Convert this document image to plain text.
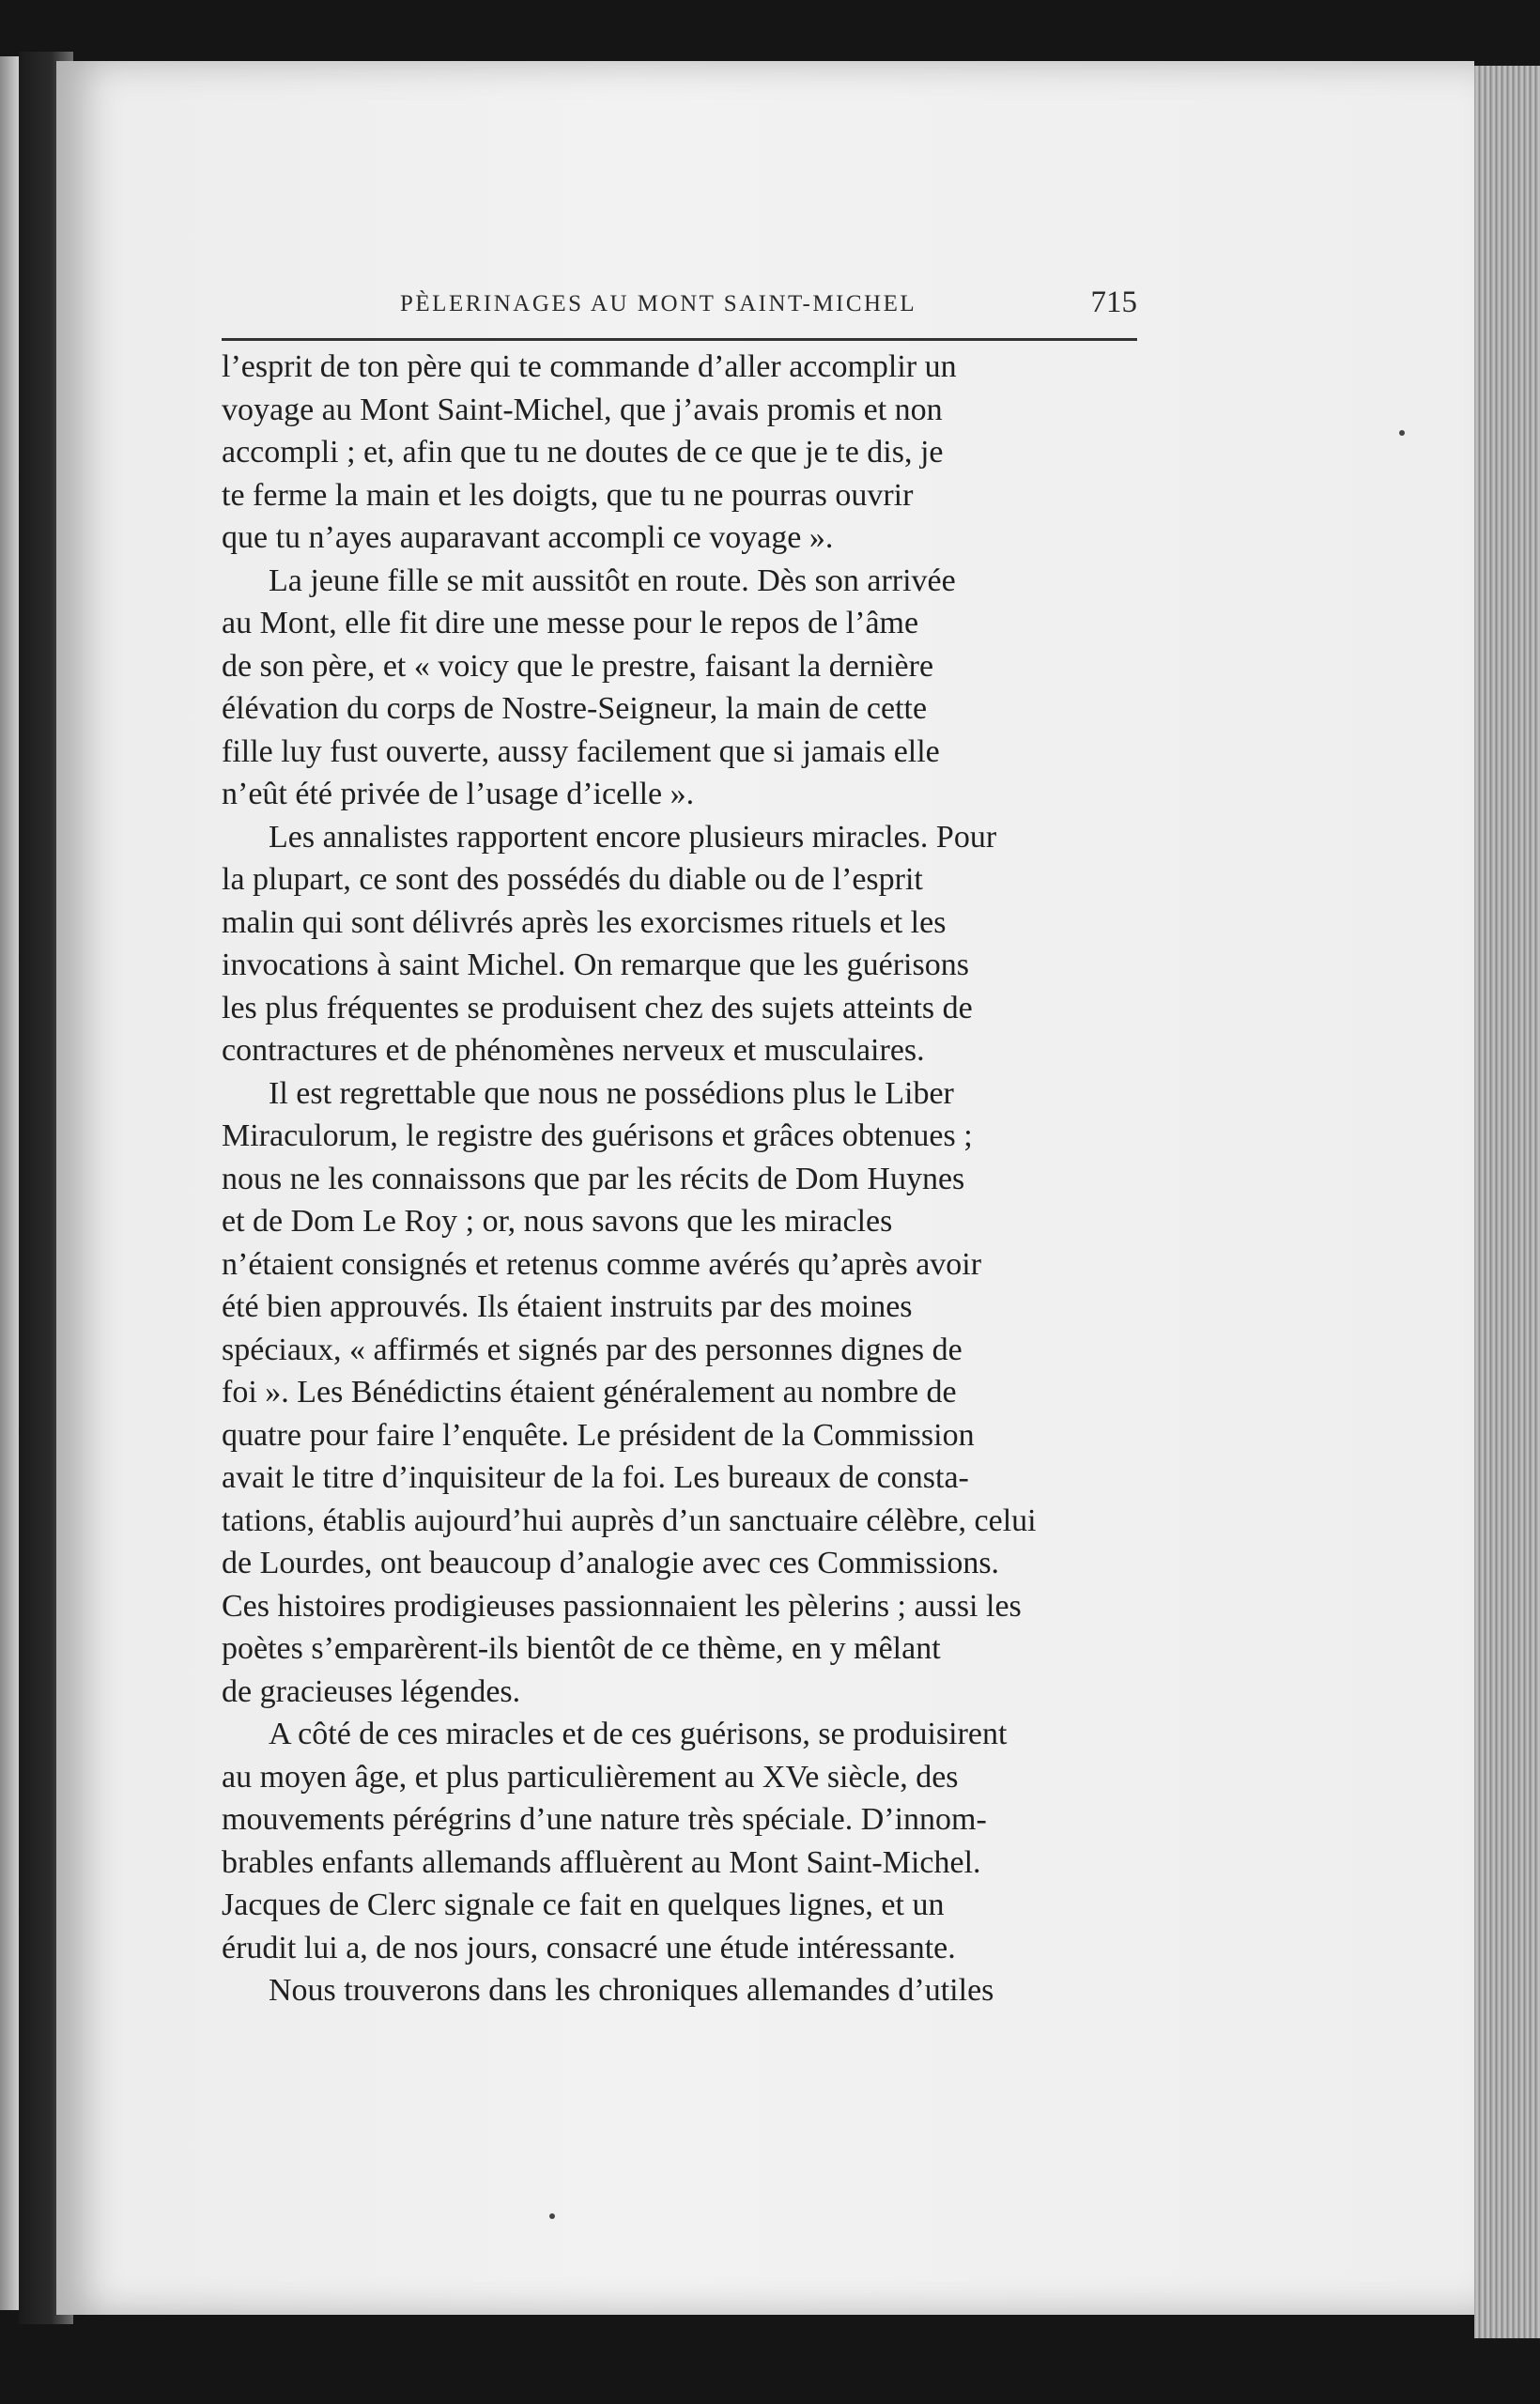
PÈLERINAGES AU MONT SAINT-MICHEL	715
l’esprit de ton père qui te commande d’aller accomplir un
voyage au Mont Saint-Michel, que j’avais promis et non
accompli ; et, afin que tu ne doutes de ce que je te dis, je
te ferme la main et les doigts, que tu ne pourras ouvrir
que tu n’ayes auparavant accompli ce voyage ».
La jeune fille se mit aussitôt en route. Dès son arrivée
au Mont, elle fit dire une messe pour le repos de l’âme
de son père, et « voicy que le prestre, faisant la dernière
élévation du corps de Nostre-Seigneur, la main de cette
fille luy fust ouverte, aussy facilement que si jamais elle
n’eût été privée de l’usage d’icelle ».
Les annalistes rapportent encore plusieurs miracles. Pour
la plupart, ce sont des possédés du diable ou de l’esprit
malin qui sont délivrés après les exorcismes rituels et les
invocations à saint Michel. On remarque que les guérisons
les plus fréquentes se produisent chez des sujets atteints de
contractures et de phénomènes nerveux et musculaires.
Il est regrettable que nous ne possédions plus le Liber
Miraculorum, le registre des guérisons et grâces obtenues ;
nous ne les connaissons que par les récits de Dom Huynes
et de Dom Le Roy ; or, nous savons que les miracles
n’étaient consignés et retenus comme avérés qu’après avoir
été bien approuvés. Ils étaient instruits par des moines
spéciaux, « affirmés et signés par des personnes dignes de
foi ». Les Bénédictins étaient généralement au nombre de
quatre pour faire l’enquête. Le président de la Commission
avait le titre d’inquisiteur de la foi. Les bureaux de consta-
tations, établis aujourd’hui auprès d’un sanctuaire célèbre, celui
de Lourdes, ont beaucoup d’analogie avec ces Commissions.
Ces histoires prodigieuses passionnaient les pèlerins ; aussi les
poètes s’emparèrent-ils bientôt de ce thème, en y mêlant
de gracieuses légendes.
A côté de ces miracles et de ces guérisons, se produisirent
au moyen âge, et plus particulièrement au XVe siècle, des
mouvements pérégrins d’une nature très spéciale. D’innom-
brables enfants allemands affluèrent au Mont Saint-Michel.
Jacques de Clerc signale ce fait en quelques lignes, et un
érudit lui a, de nos jours, consacré une étude intéressante.
Nous trouverons dans les chroniques allemandes d’utiles
